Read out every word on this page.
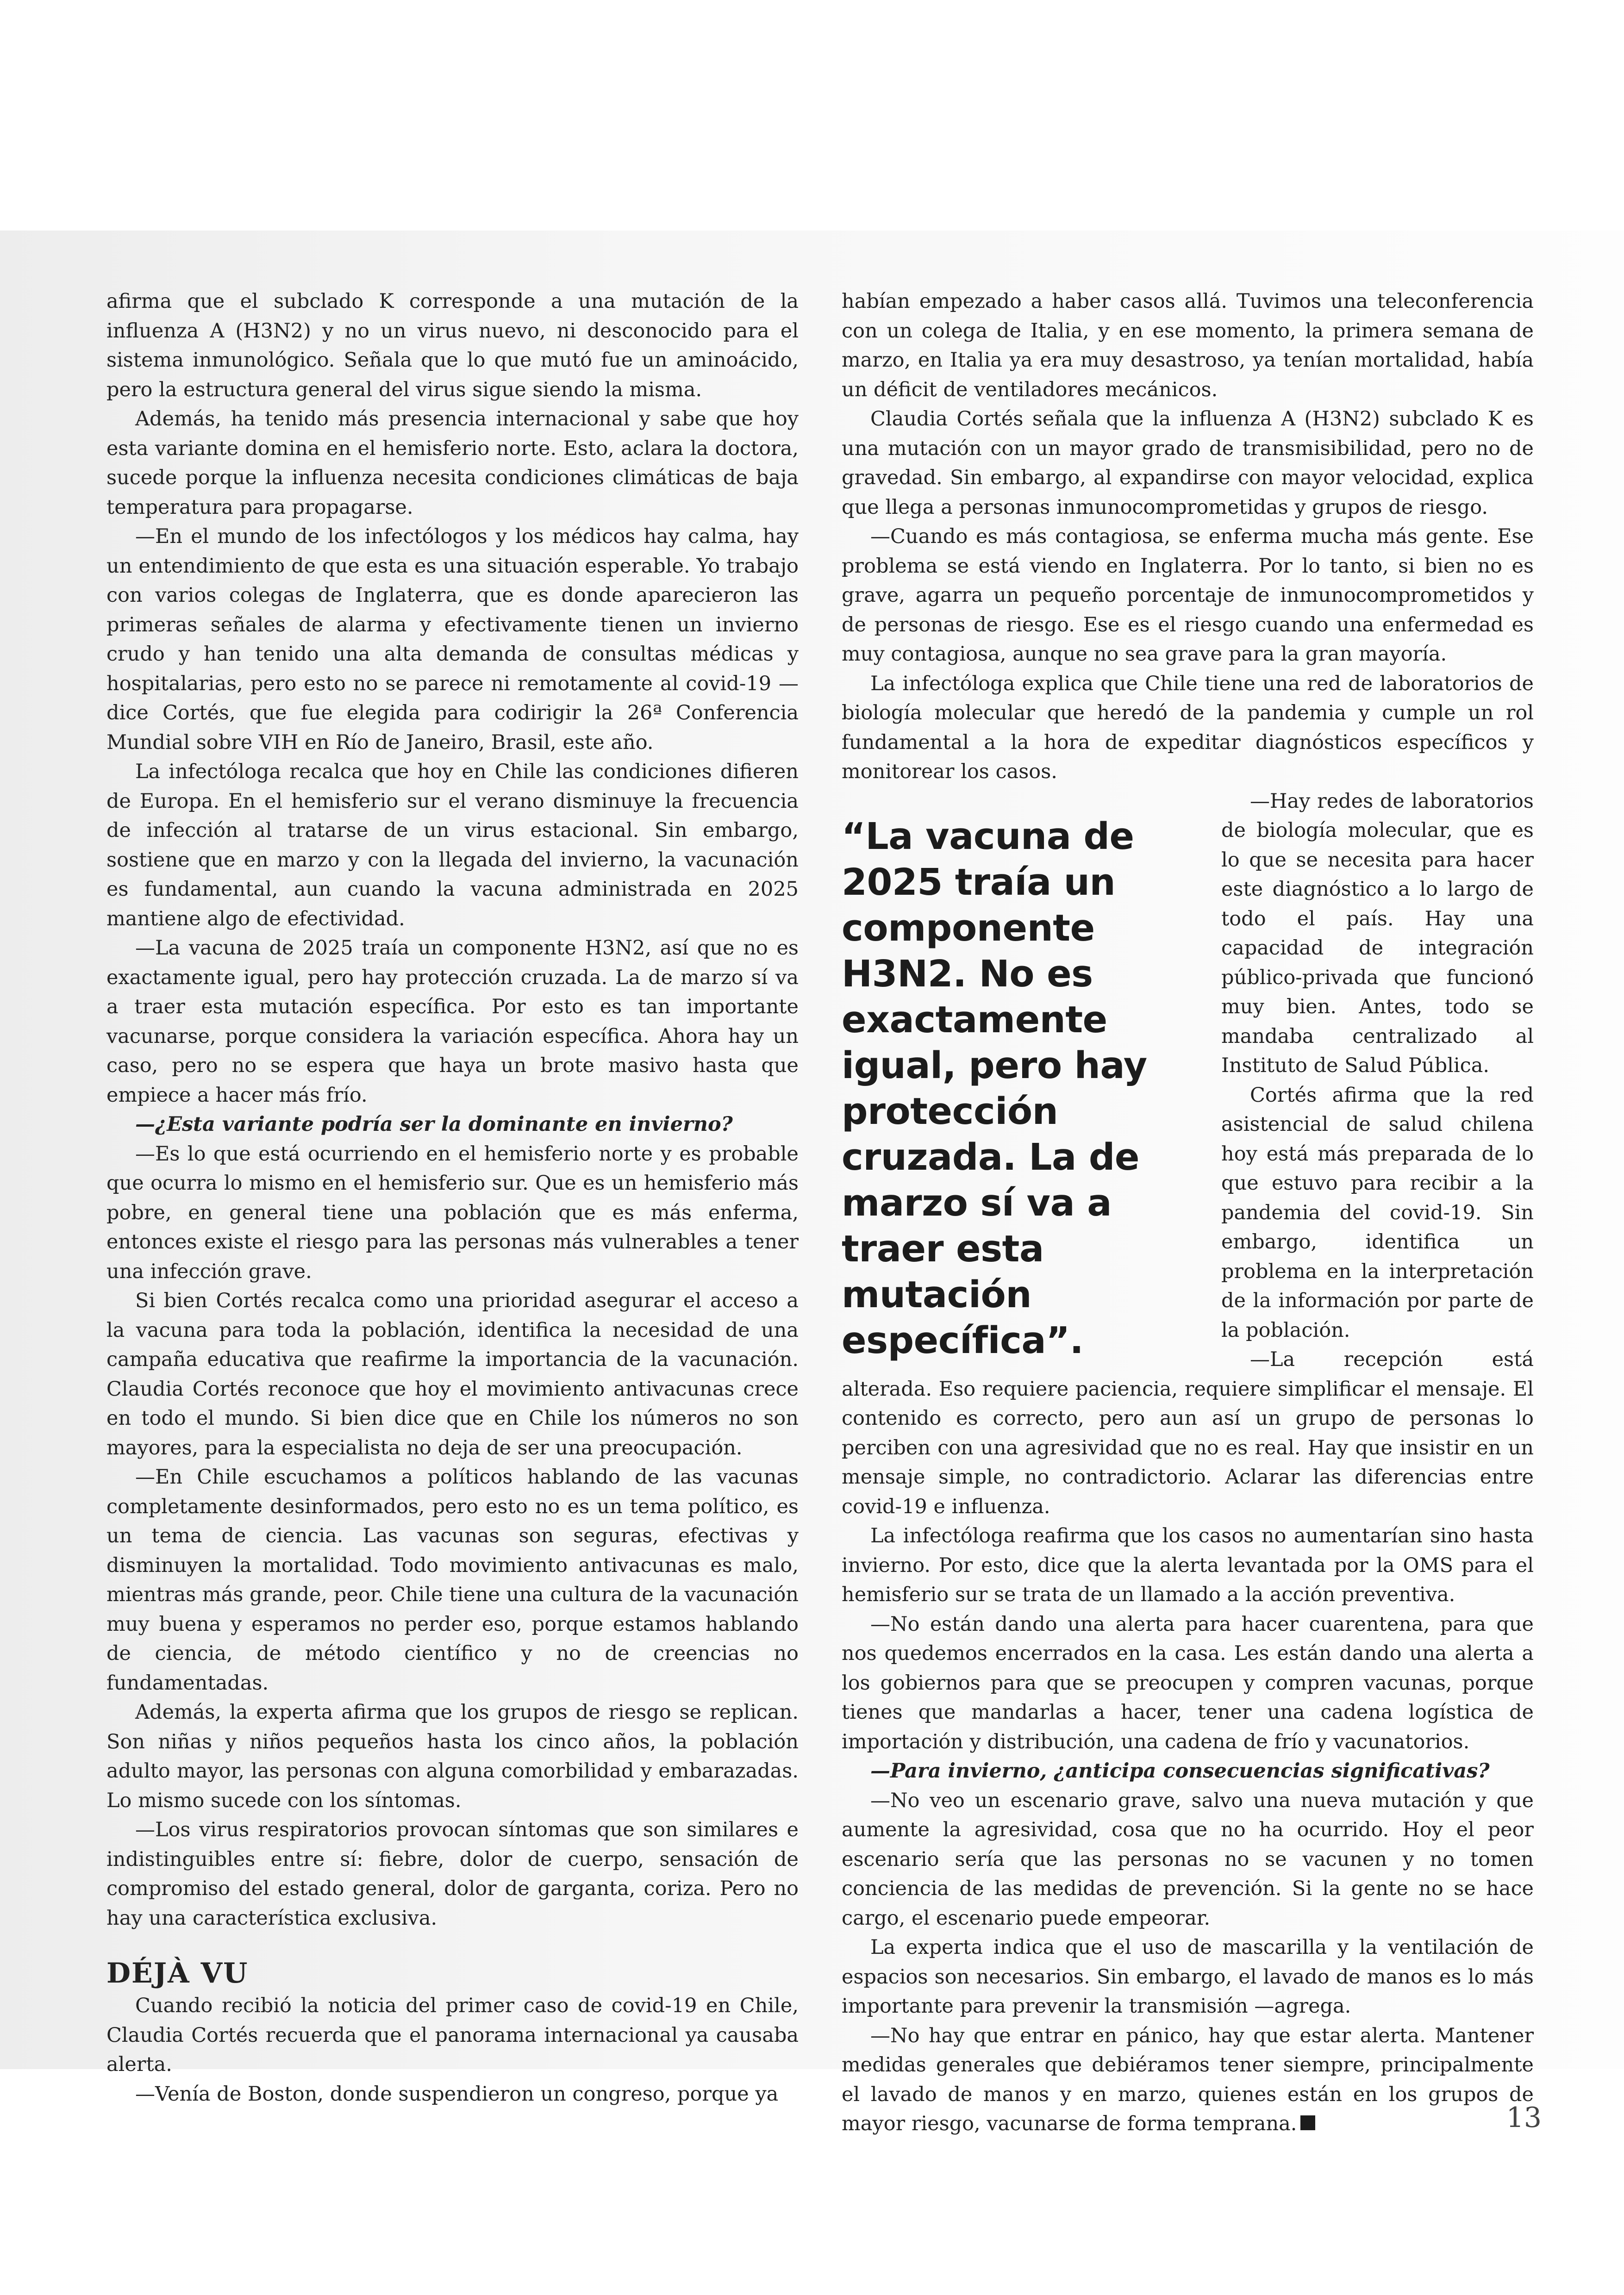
afirma que el subclado K corresponde a una mutación de la influenza A (H3N2) y no un virus nuevo, ni desconocido para el sistema inmunológico. Señala que lo que mutó fue un aminoácido, pero la estructura general del virus sigue siendo la misma.

Además, ha tenido más presencia internacional y sabe que hoy esta variante domina en el hemisferio norte. Esto, aclara la doctora, sucede porque la influenza necesita condiciones climáticas de baja temperatura para propagarse.

—En el mundo de los infectólogos y los médicos hay calma, hay un entendimiento de que esta es una situación esperable. Yo trabajo con varios colegas de Inglaterra, que es donde aparecieron las primeras señales de alarma y efectivamente tienen un invierno crudo y han tenido una alta demanda de consultas médicas y hospitalarias, pero esto no se parece ni remotamente al covid-19 —dice Cortés, que fue elegida para codirigir la 26ª Conferencia Mundial sobre VIH en Río de Janeiro, Brasil, este año.

La infectóloga recalca que hoy en Chile las condiciones difieren de Europa. En el hemisferio sur el verano disminuye la frecuencia de infección al tratarse de un virus estacional. Sin embargo, sostiene que en marzo y con la llegada del invierno, la vacunación es fundamental, aun cuando la vacuna administrada en 2025 mantiene algo de efectividad.

—La vacuna de 2025 traía un componente H3N2, así que no es exactamente igual, pero hay protección cruzada. La de marzo sí va a traer esta mutación específica. Por esto es tan importante vacunarse, porque considera la variación específica. Ahora hay un caso, pero no se espera que haya un brote masivo hasta que empiece a hacer más frío.

—¿Esta variante podría ser la dominante en invierno?

—Es lo que está ocurriendo en el hemisferio norte y es probable que ocurra lo mismo en el hemisferio sur. Que es un hemisferio más pobre, en general tiene una población que es más enferma, entonces existe el riesgo para las personas más vulnerables a tener una infección grave.

Si bien Cortés recalca como una prioridad asegurar el acceso a la vacuna para toda la población, identifica la necesidad de una campaña educativa que reafirme la importancia de la vacunación. Claudia Cortés reconoce que hoy el movimiento antivacunas crece en todo el mundo. Si bien dice que en Chile los números no son mayores, para la especialista no deja de ser una preocupación.

—En Chile escuchamos a políticos hablando de las vacunas completamente desinformados, pero esto no es un tema político, es un tema de ciencia. Las vacunas son seguras, efectivas y disminuyen la mortalidad. Todo movimiento antivacunas es malo, mientras más grande, peor. Chile tiene una cultura de la vacunación muy buena y esperamos no perder eso, porque estamos hablando de ciencia, de método científico y no de creencias no fundamentadas.

Además, la experta afirma que los grupos de riesgo se replican. Son niñas y niños pequeños hasta los cinco años, la población adulto mayor, las personas con alguna comorbilidad y embarazadas. Lo mismo sucede con los síntomas.

—Los virus respiratorios provocan síntomas que son similares e indistinguibles entre sí: fiebre, dolor de cuerpo, sensación de compromiso del estado general, dolor de garganta, coriza. Pero no hay una característica exclusiva.

DÉJÀ VU

Cuando recibió la noticia del primer caso de covid-19 en Chile, Claudia Cortés recuerda que el panorama internacional ya causaba alerta.

—Venía de Boston, donde suspendieron un congreso, porque ya

habían empezado a haber casos allá. Tuvimos una teleconferencia con un colega de Italia, y en ese momento, la primera semana de marzo, en Italia ya era muy desastroso, ya tenían mortalidad, había un déficit de ventiladores mecánicos.

Claudia Cortés señala que la influenza A (H3N2) subclado K es una mutación con un mayor grado de transmisibilidad, pero no de gravedad. Sin embargo, al expandirse con mayor velocidad, explica que llega a personas inmunocomprometidas y grupos de riesgo.

—Cuando es más contagiosa, se enferma mucha más gente. Ese problema se está viendo en Inglaterra. Por lo tanto, si bien no es grave, agarra un pequeño porcentaje de inmunocomprometidos y de personas de riesgo. Ese es el riesgo cuando una enfermedad es muy contagiosa, aunque no sea grave para la gran mayoría.

La infectóloga explica que Chile tiene una red de laboratorios de biología molecular que heredó de la pandemia y cumple un rol fundamental a la hora de expeditar diagnósticos específicos y monitorear los casos.

“La vacuna de 2025 traía un componente H3N2. No es exactamente igual, pero hay protección cruzada. La de marzo sí va a traer esta mutación específica”.

—Hay redes de laboratorios de biología molecular, que es lo que se necesita para hacer este diagnóstico a lo largo de todo el país. Hay una capacidad de integración público-privada que funcionó muy bien. Antes, todo se mandaba centralizado al Instituto de Salud Pública.

Cortés afirma que la red asistencial de salud chilena hoy está más preparada de lo que estuvo para recibir a la pandemia del covid-19. Sin embargo, identifica un problema en la interpretación de la información por parte de la población.

—La recepción está alterada. Eso requiere paciencia, requiere simplificar el mensaje. El contenido es correcto, pero aun así un grupo de personas lo perciben con una agresividad que no es real. Hay que insistir en un mensaje simple, no contradictorio. Aclarar las diferencias entre covid-19 e influenza.

La infectóloga reafirma que los casos no aumentarían sino hasta invierno. Por esto, dice que la alerta levantada por la OMS para el hemisferio sur se trata de un llamado a la acción preventiva.

—No están dando una alerta para hacer cuarentena, para que nos quedemos encerrados en la casa. Les están dando una alerta a los gobiernos para que se preocupen y compren vacunas, porque tienes que mandarlas a hacer, tener una cadena logística de importación y distribución, una cadena de frío y vacunatorios.

—Para invierno, ¿anticipa consecuencias significativas?

—No veo un escenario grave, salvo una nueva mutación y que aumente la agresividad, cosa que no ha ocurrido. Hoy el peor escenario sería que las personas no se vacunen y no tomen conciencia de las medidas de prevención. Si la gente no se hace cargo, el escenario puede empeorar.

La experta indica que el uso de mascarilla y la ventilación de espacios son necesarios. Sin embargo, el lavado de manos es lo más importante para prevenir la transmisión —agrega.

—No hay que entrar en pánico, hay que estar alerta. Mantener medidas generales que debiéramos tener siempre, principalmente el lavado de manos y en marzo, quienes están en los grupos de mayor riesgo, vacunarse de forma temprana.	13
